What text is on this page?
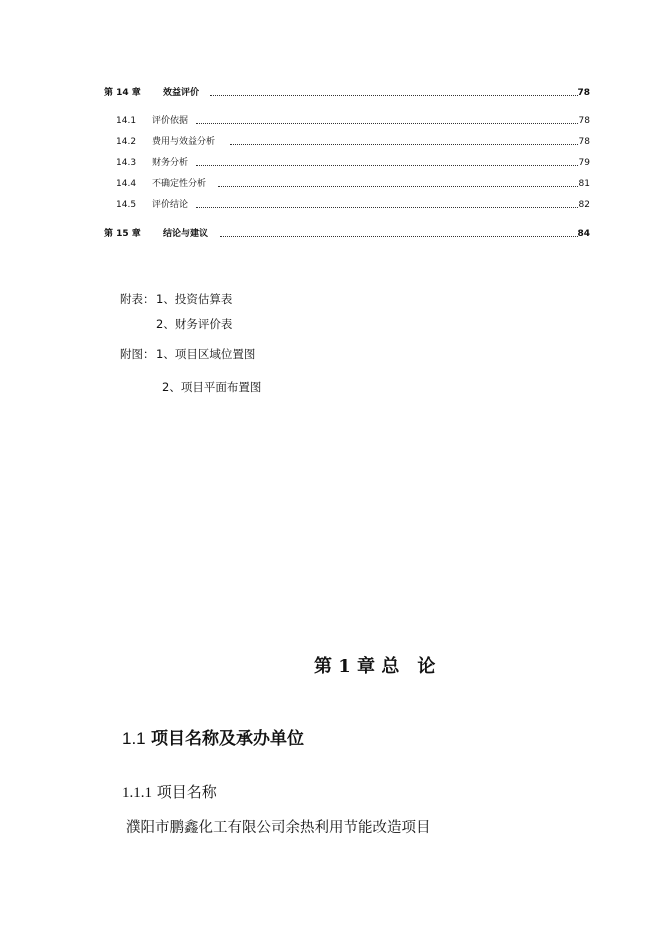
第 14 章 效益评价	78
14.1 评价依据	78
14.2 费用与效益分析	78
14.3 财务分析	79
14.4 不确定性分析	81
14.5 评价结论	82
第 15 章 结论与建议	84
附表： 1、投资估算表
2、财务评价表
附图： 1、项目区域位置图
2、项目平面布置图
第 1 章 总　论
1.1 项目名称及承办单位
1.1.1 项目名称
濮阳市鹏鑫化工有限公司余热利用节能改造项目
